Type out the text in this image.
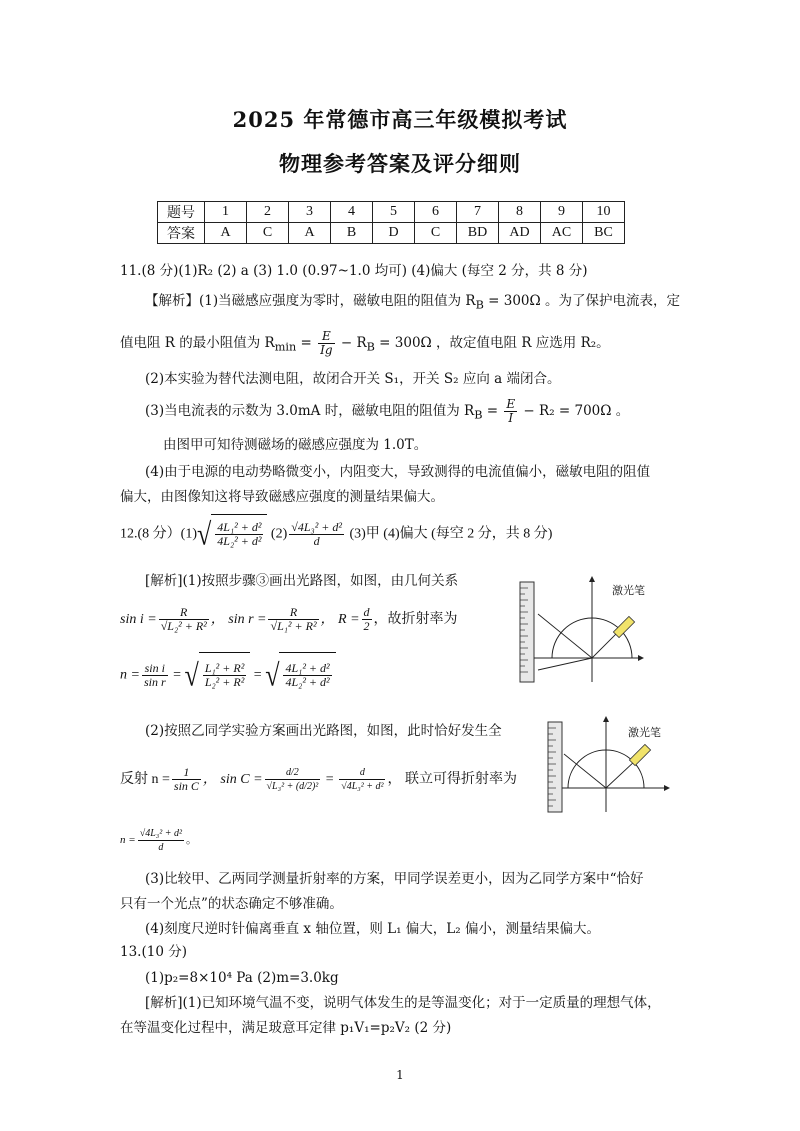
2025 年常德市高三年级模拟考试
物理参考答案及评分细则
题号	1	2	3	4	5	6	7	8	9	10
答案	A	C	A	B	D	C	BD	AD	AC	BC
11.(8 分)(1)R₂ (2) a (3) 1.0 (0.97~1.0 均可) (4)偏大 (每空 2 分，共 8 分)
【解析】(1)当磁感应强度为零时，磁敏电阻的阻值为 $R_B = 300\Omega$ 。为了保护电流表，定
值电阻 R 的最小阻值为 $R_{min} = \frac{E}{Ig} - R_B = 300\Omega$ ，故定值电阻 R 应选用 R₂。
(2)本实验为替代法测电阻，故闭合开关 S₁，开关 S₂ 应向 a 端闭合。
(3)当电流表的示数为 3.0mA 时，磁敏电阻的阻值为 $R_B = \frac{E}{I} - R_2 = 700\Omega$ 。
由图甲可知待测磁场的磁感应强度为 1.0T。
(4)由于电源的电动势略微变小，内阻变大，导致测得的电流值偏小，磁敏电阻的阻值
偏大，由图像知这将导致磁感应强度的测量结果偏大。
12.(8 分）$(1)√ \frac{\text{4L₁² + d²}}{\text{4L₂² + d²}} (2) \frac{\text{√4L₃² + d²}}{d} (3)$甲 (4)偏大 (每空 2 分，共 8 分)
[解析](1)按照步骤③画出光路图，如图，由几何关系
$\sin i = \frac{R}{\text{√L₂² + R²}}$ ， $\sin r = \frac{R}{\text{√L₁² + R²}}$ ， $R = \frac{d}{2}$ ，故折射率为
$n = \frac{\text{sin i}}{\text{sin r}}$ = √ $\frac{\text{L₁² + R²}}{\text{L₂² + R²}}$ = √ $\frac{\text{4L₁² + d²}}{\text{4L₂² + d²}}$
激光笔
(2)按照乙同学实验方案画出光路图，如图，此时恰好发生全
反射 $n = \frac{1}{\text{sin C}}$ ， $\sin C = \frac{d/2}{\text{√L₃² + (d/2)²}} = \frac{d}{\text{√4L₃² + d²}}$ ， 联立可得折射率为
激光笔
$n = \frac{\text{√4L₃² + d²}}{d}$ 。
(3)比较甲、乙两同学测量折射率的方案，甲同学误差更小，因为乙同学方案中“恰好
只有一个光点”的状态确定不够准确。
(4)刻度尺逆时针偏离垂直 x 轴位置，则 L₁ 偏大，L₂ 偏小，测量结果偏大。
13.(10 分)
(1)p₂=8×10⁴ Pa (2)m=3.0kg
[解析](1)已知环境气温不变，说明气体发生的是等温变化；对于一定质量的理想气体，
在等温变化过程中，满足玻意耳定律 p₁V₁=p₂V₂ (2 分)
1
